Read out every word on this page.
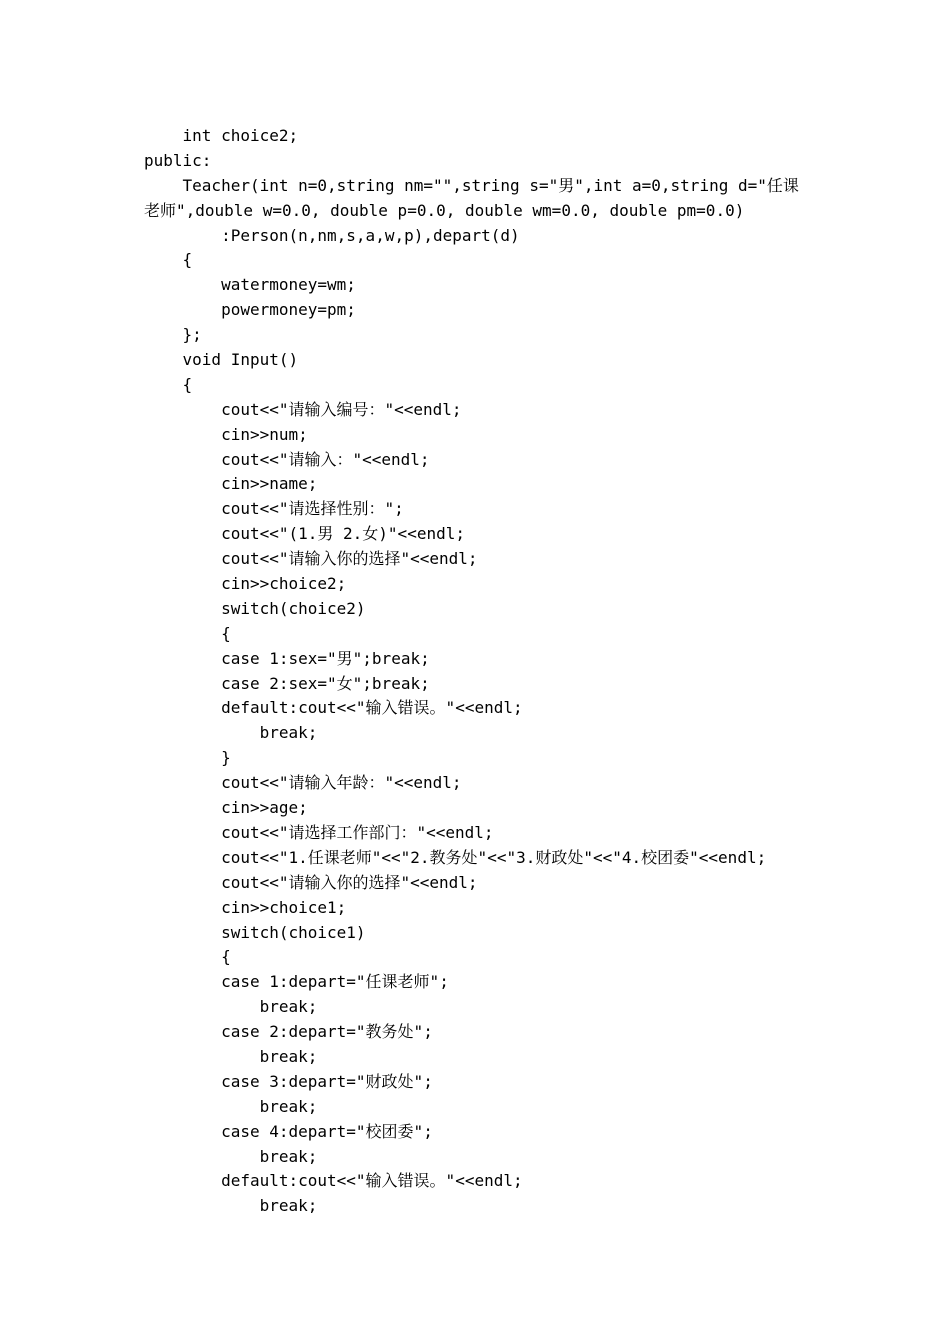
int choice2;
public:
Teacher(int n=0,string nm="",string s="男",int a=0,string d="任课
老师",double w=0.0, double p=0.0, double wm=0.0, double pm=0.0)
:Person(n,nm,s,a,w,p),depart(d)
{
watermoney=wm;
powermoney=pm;
};
void Input()
{
cout<<"请输入编号："<<endl;
cin>>num;
cout<<"请输入："<<endl;
cin>>name;
cout<<"请选择性别：";
cout<<"(1.男 2.女)"<<endl;
cout<<"请输入你的选择"<<endl;
cin>>choice2;
switch(choice2)
{
case 1:sex="男";break;
case 2:sex="女";break;
default:cout<<"输入错误。"<<endl;
break;
}
cout<<"请输入年龄："<<endl;
cin>>age;
cout<<"请选择工作部门："<<endl;
cout<<"1.任课老师"<<"2.教务处"<<"3.财政处"<<"4.校团委"<<endl;
cout<<"请输入你的选择"<<endl;
cin>>choice1;
switch(choice1)
{
case 1:depart="任课老师";
break;
case 2:depart="教务处";
break;
case 3:depart="财政处";
break;
case 4:depart="校团委";
break;
default:cout<<"输入错误。"<<endl;
break;
